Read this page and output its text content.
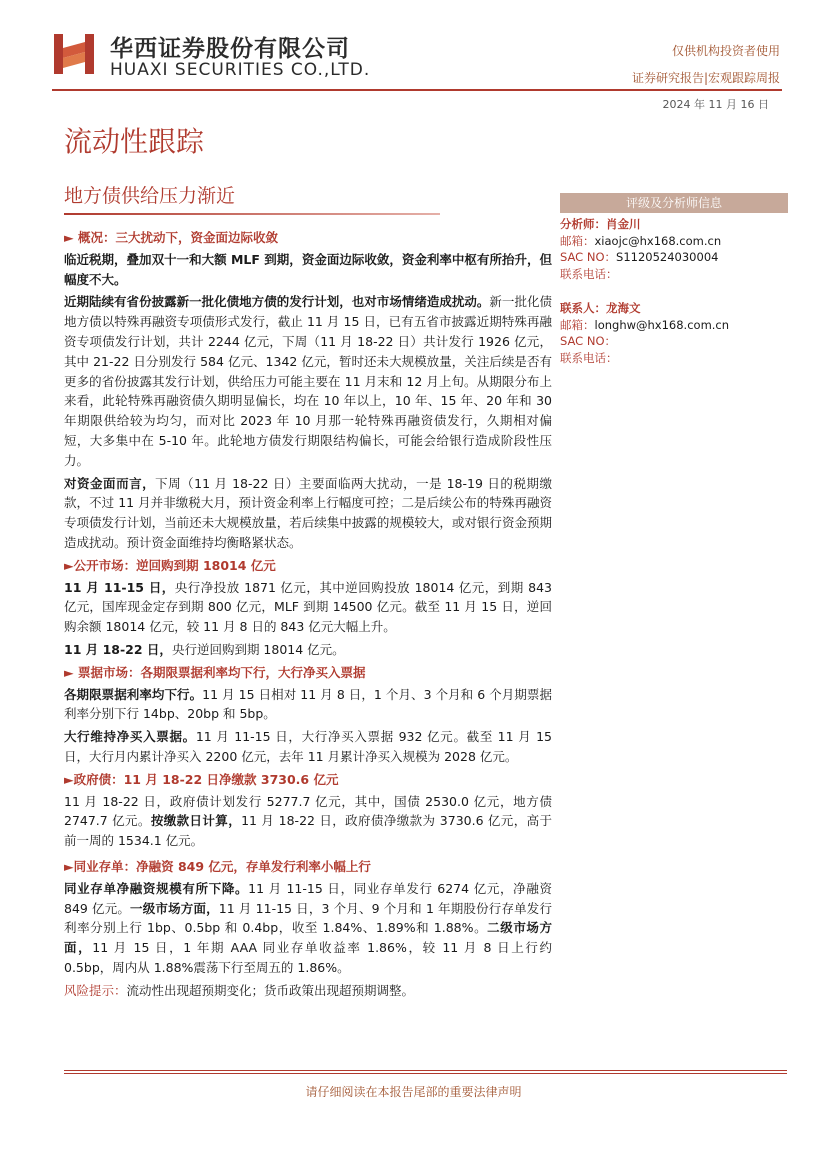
华西证券股份有限公司
HUAXI SECURITIES CO.,LTD.
仅供机构投资者使用
证券研究报告|宏观跟踪周报
2024 年 11 月 16 日
流动性跟踪
地方债供给压力渐近
► 概况：三大扰动下，资金面边际收敛

临近税期，叠加双十一和大额 MLF 到期，资金面边际收敛，资金利率中枢有所抬升，但幅度不大。

近期陆续有省份披露新一批化债地方债的发行计划，也对市场情绪造成扰动。新一批化债地方债以特殊再融资专项债形式发行，截止 11 月 15 日，已有五省市披露近期特殊再融资专项债发行计划，共计 2244 亿元，下周（11 月 18-22 日）共计发行 1926 亿元，其中 21-22 日分别发行 584 亿元、1342 亿元，暂时还未大规模放量，关注后续是否有更多的省份披露其发行计划，供给压力可能主要在 11 月末和 12 月上旬。从期限分布上来看，此轮特殊再融资债久期明显偏长，均在 10 年以上，10 年、15 年、20 年和 30 年期限供给较为均匀，而对比 2023 年 10 月那一轮特殊再融资债发行，久期相对偏短，大多集中在 5-10 年。此轮地方债发行期限结构偏长，可能会给银行造成阶段性压力。

对资金面而言，下周（11 月 18-22 日）主要面临两大扰动，一是 18-19 日的税期缴款，不过 11 月并非缴税大月，预计资金利率上行幅度可控；二是后续公布的特殊再融资专项债发行计划，当前还未大规模放量，若后续集中披露的规模较大，或对银行资金预期造成扰动。预计资金面维持均衡略紧状态。

►公开市场：逆回购到期 18014 亿元

11 月 11-15 日，央行净投放 1871 亿元，其中逆回购投放 18014 亿元，到期 843 亿元，国库现金定存到期 800 亿元，MLF 到期 14500 亿元。截至 11 月 15 日，逆回购余额 18014 亿元，较 11 月 8 日的 843 亿元大幅上升。

11 月 18-22 日，央行逆回购到期 18014 亿元。

► 票据市场：各期限票据利率均下行，大行净买入票据

各期限票据利率均下行。11 月 15 日相对 11 月 8 日，1 个月、3 个月和 6 个月期票据利率分别下行 14bp、20bp 和 5bp。

大行维持净买入票据。11 月 11-15 日，大行净买入票据 932 亿元。截至 11 月 15 日，大行月内累计净买入 2200 亿元，去年 11 月累计净买入规模为 2028 亿元。

►政府债：11 月 18-22 日净缴款 3730.6 亿元

11 月 18-22 日，政府债计划发行 5277.7 亿元，其中，国债 2530.0 亿元，地方债 2747.7 亿元。按缴款日计算，11 月 18-22 日，政府债净缴款为 3730.6 亿元，高于前一周的 1534.1 亿元。

►同业存单：净融资 849 亿元，存单发行利率小幅上行

同业存单净融资规模有所下降。11 月 11-15 日，同业存单发行 6274 亿元，净融资 849 亿元。一级市场方面，11 月 11-15 日，3 个月、9 个月和 1 年期股份行存单发行利率分别上行 1bp、0.5bp 和 0.4bp，收至 1.84%、1.89%和 1.88%。二级市场方面，11 月 15 日，1 年期 AAA 同业存单收益率 1.86%，较 11 月 8 日上行约 0.5bp，周内从 1.88%震荡下行至周五的 1.86%。

风险提示：流动性出现超预期变化；货币政策出现超预期调整。

评级及分析师信息
分析师：肖金川
邮箱：xiaojc@hx168.com.cn
SAC NO：S1120524030004
联系电话：
联系人：龙海文
邮箱：longhw@hx168.com.cn
SAC NO：
联系电话：
请仔细阅读在本报告尾部的重要法律声明
